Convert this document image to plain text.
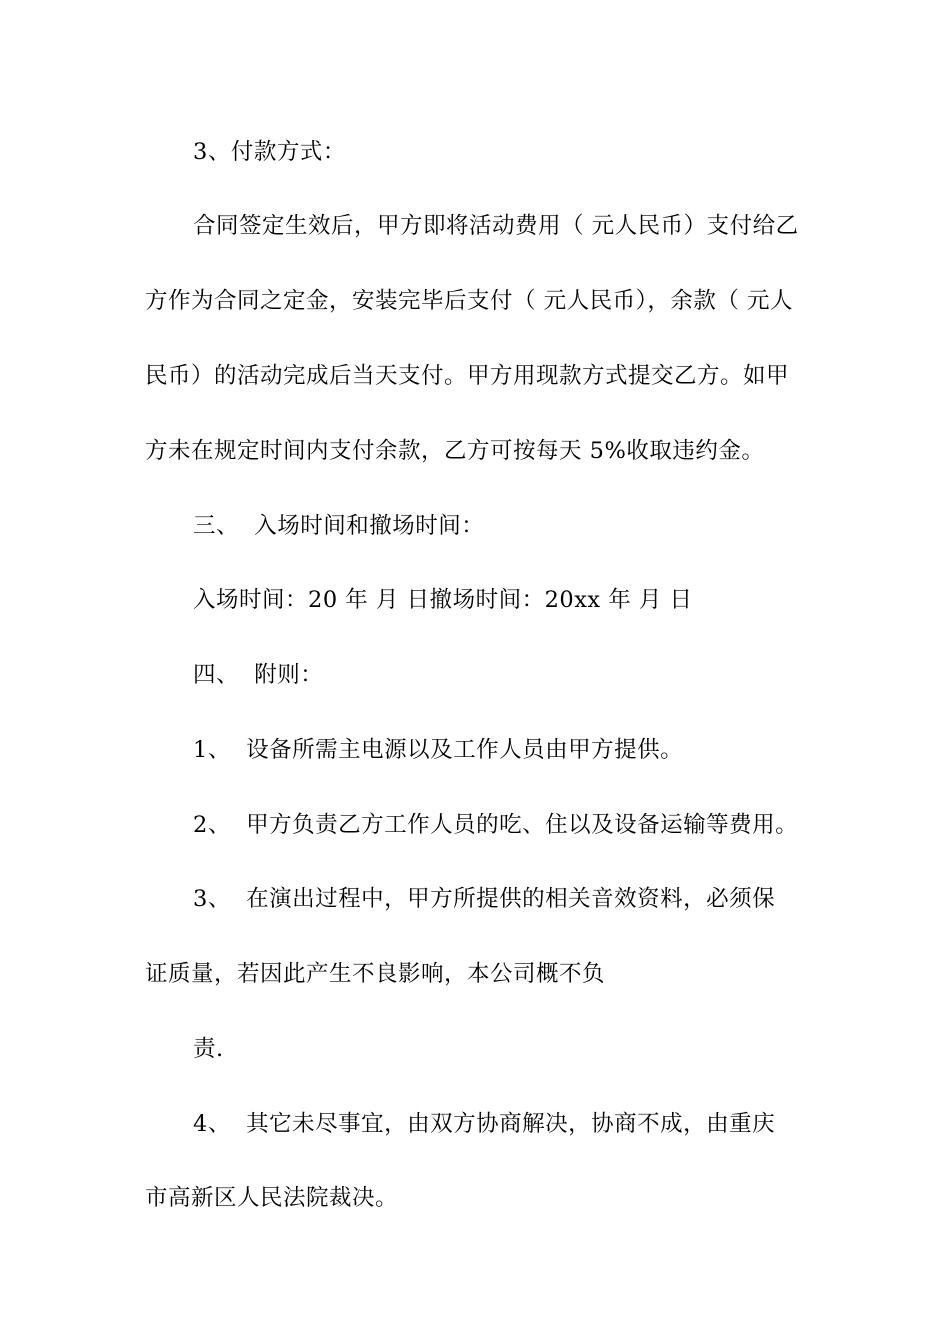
3、付款方式：
合同签定生效后，甲方即将活动费用（ 元人民币）支付给乙
方作为合同之定金，安装完毕后支付（ 元人民币），余款（ 元人
民币）的活动完成后当天支付。甲方用现款方式提交乙方。如甲
方未在规定时间内支付余款，乙方可按每天 5%收取违约金。
三、  入场时间和撤场时间：
入场时间：20 年 月 日撤场时间：20xx 年 月 日
四、  附则：
1、  设备所需主电源以及工作人员由甲方提供。
2、  甲方负责乙方工作人员的吃、住以及设备运输等费用。
3、  在演出过程中，甲方所提供的相关音效资料，必须保
证质量，若因此产生不良影响，本公司概不负
责.
4、  其它未尽事宜，由双方协商解决，协商不成，由重庆
市高新区人民法院裁决。
